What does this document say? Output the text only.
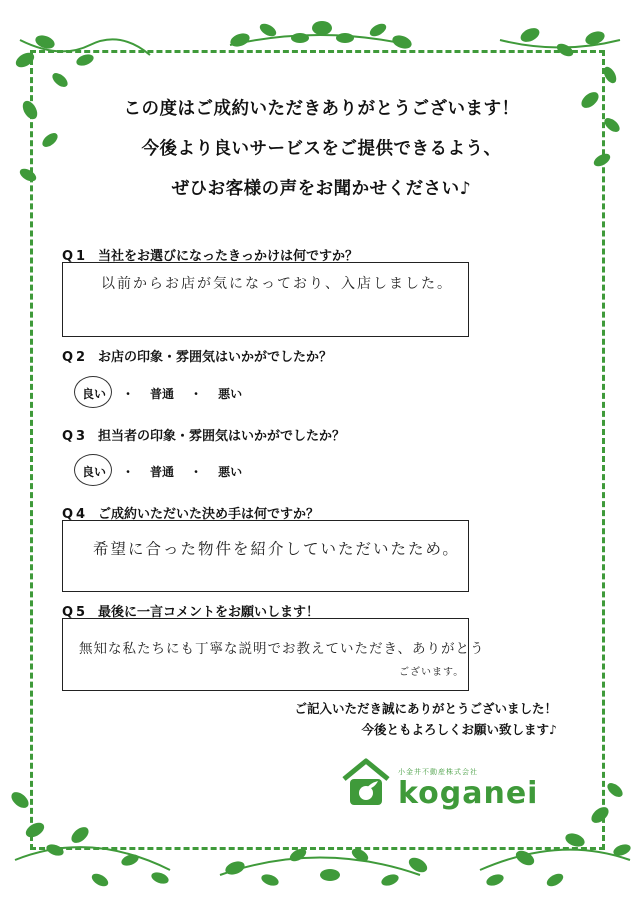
この度はご成約いただきありがとうございます！
今後より良いサービスをご提供できるよう、
ぜひお客様の声をお聞かせください♪
Q1 当社をお選びになったきっかけは何ですか？
以前からお店が気になっており、入店しました。
Q2 お店の印象・雰囲気はいかがでしたか？
良い ・ 普通 ・ 悪い
Q3 担当者の印象・雰囲気はいかがでしたか？
良い ・ 普通 ・ 悪い
Q4 ご成約いただいた決め手は何ですか？
希望に合った物件を紹介していただいたため。
Q5 最後に一言コメントをお願いします！
無知な私たちにも丁寧な説明でお教えていただき、ありがとう
ございます。
ご記入いただき誠にありがとうございました！
今後ともよろしくお願い致します♪
小金井不動産株式会社
koganei
